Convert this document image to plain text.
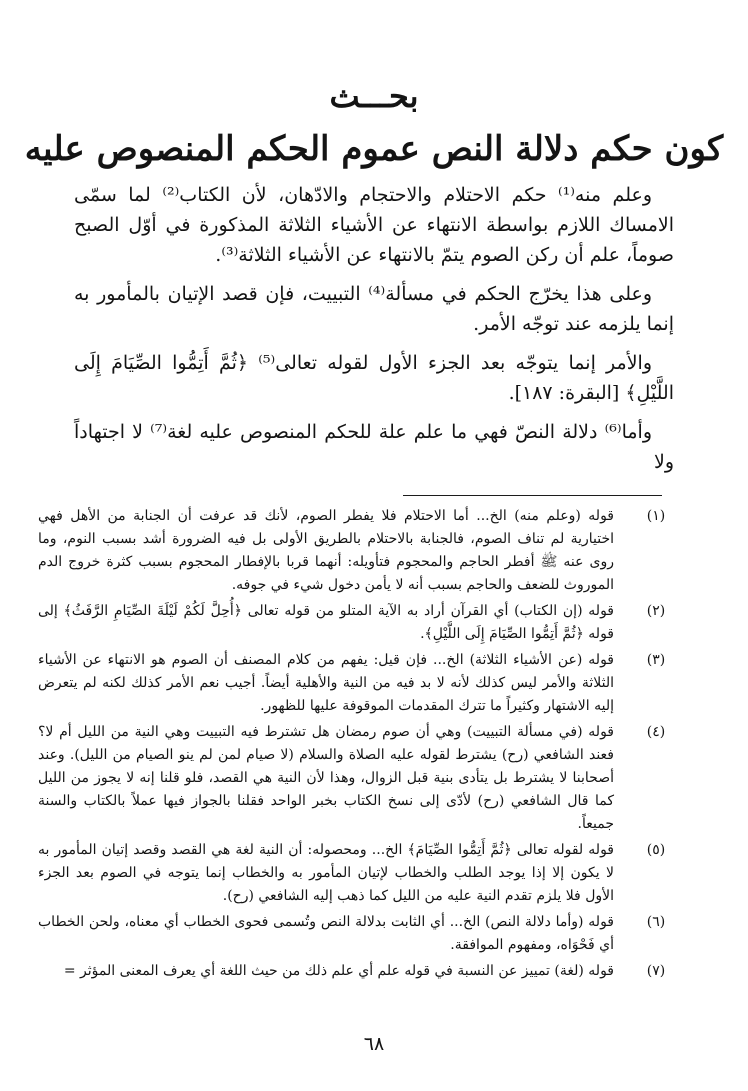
بحـــث
كون حكم دلالة النص عموم الحكم المنصوص عليه

وعلم منه⁽¹⁾ حكم الاحتلام والاحتجام والادّهان، لأن الكتاب⁽²⁾ لما سمّى الامساك اللازم بواسطة الانتهاء عن الأشياء الثلاثة المذكورة في أوّل الصبح صوماً، علم أن ركن الصوم يتمّ بالانتهاء عن الأشياء الثلاثة⁽³⁾.

وعلى هذا يخرّج الحكم في مسألة⁽⁴⁾ التبييت، فإن قصد الإتيان بالمأمور به إنما يلزمه عند توجّه الأمر.

والأمر إنما يتوجّه بعد الجزء الأول لقوله تعالى⁽⁵⁾ ﴿ثُمَّ أَتِمُّوا الصِّيَامَ إِلَى اللَّيْلِ﴾ [البقرة: ١٨٧].

وأما⁽⁶⁾ دلالة النصّ فهي ما علم علة للحكم المنصوص عليه لغة⁽⁷⁾ لا اجتهاداً ولا

(١)
قوله (وعلم منه) الخ... أما الاحتلام فلا يفطر الصوم، لأنك قد عرفت أن الجنابة من الأهل فهي اختيارية لم تناف الصوم، فالجنابة بالاحتلام بالطريق الأولى بل فيه الضرورة أشد بسبب النوم، وما روى عنه ﷺ أفطر الحاجم والمحجوم فتأويله: أنهما قربا بالإفطار المحجوم بسبب كثرة خروج الدم الموروث للضعف والحاجم بسبب أنه لا يأمن دخول شيء في جوفه.
(٢)
قوله (إن الكتاب) أي القرآن أراد به الآية المتلو من قوله تعالى ﴿أُحِلَّ لَكُمْ لَيْلَةَ الصِّيَامِ الرَّفَثُ﴾ إلى قوله ﴿ثُمَّ أَتِمُّوا الصِّيَامَ إِلَى اللَّيْلِ﴾.
(٣)
قوله (عن الأشياء الثلاثة) الخ... فإن قيل: يفهم من كلام المصنف أن الصوم هو الانتهاء عن الأشياء الثلاثة والأمر ليس كذلك لأنه لا بد فيه من النية والأهلية أيضاً. أجيب نعم الأمر كذلك لكنه لم يتعرض إليه الاشتهار وكثيراً ما تترك المقدمات الموقوفة عليها للظهور.
(٤)
قوله (في مسألة التبييت) وهي أن صوم رمضان هل تشترط فيه التبييت وهي النية من الليل أم لا؟ فعند الشافعي (رح) يشترط لقوله عليه الصلاة والسلام (لا صيام لمن لم ينو الصيام من الليل). وعند أصحابنا لا يشترط بل يتأدى بنية قبل الزوال، وهذا لأن النية هي القصد، فلو قلنا إنه لا يجوز من الليل كما قال الشافعي (رح) لأدّى إلى نسخ الكتاب بخبر الواحد فقلنا بالجواز فيها عملاً بالكتاب والسنة جميعاً.
(٥)
قوله لقوله تعالى ﴿ثُمَّ أَتِمُّوا الصِّيَامَ﴾ الخ... ومحصوله: أن النية لغة هي القصد وقصد إتيان المأمور به لا يكون إلا إذا يوجد الطلب والخطاب لإتيان المأمور به والخطاب إنما يتوجه في الصوم بعد الجزء الأول فلا يلزم تقدم النية عليه من الليل كما ذهب إليه الشافعي (رح).
(٦)
قوله (وأما دلالة النص) الخ... أي الثابت بدلالة النص وتُسمى فحوى الخطاب أي معناه، ولحن الخطاب أي فَحْوَاه، ومفهوم الموافقة.
(٧)
قوله (لغة) تمييز عن النسبة في قوله علم أي علم ذلك من حيث اللغة أي يعرف المعنى المؤثر =
٦٨
